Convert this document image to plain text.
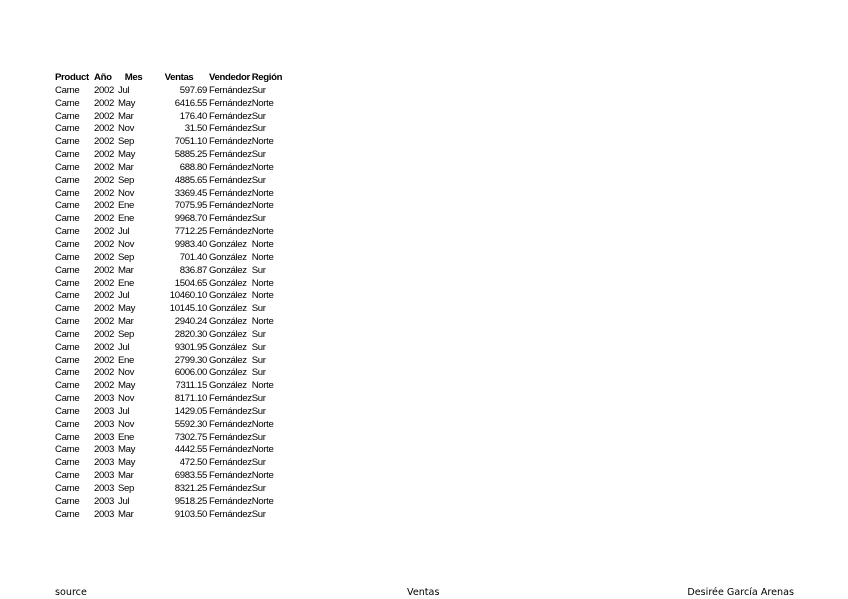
Product	Año	Mes	Ventas	Vendedor	Región
Carne	2002	Jul	597.69	Fernández	Sur
Carne	2002	May	6416.55	Fernández	Norte
Carne	2002	Mar	176.40	Fernández	Sur
Carne	2002	Nov	31.50	Fernández	Sur
Carne	2002	Sep	7051.10	Fernández	Norte
Carne	2002	May	5885.25	Fernández	Sur
Carne	2002	Mar	688.80	Fernández	Norte
Carne	2002	Sep	4885.65	Fernández	Sur
Carne	2002	Nov	3369.45	Fernández	Norte
Carne	2002	Ene	7075.95	Fernández	Norte
Carne	2002	Ene	9968.70	Fernández	Sur
Carne	2002	Jul	7712.25	Fernández	Norte
Carne	2002	Nov	9983.40	González	Norte
Carne	2002	Sep	701.40	González	Norte
Carne	2002	Mar	836.87	González	Sur
Carne	2002	Ene	1504.65	González	Norte
Carne	2002	Jul	10460.10	González	Norte
Carne	2002	May	10145.10	González	Sur
Carne	2002	Mar	2940.24	González	Norte
Carne	2002	Sep	2820.30	González	Sur
Carne	2002	Jul	9301.95	González	Sur
Carne	2002	Ene	2799.30	González	Sur
Carne	2002	Nov	6006.00	González	Sur
Carne	2002	May	7311.15	González	Norte
Carne	2003	Nov	8171.10	Fernández	Sur
Carne	2003	Jul	1429.05	Fernández	Sur
Carne	2003	Nov	5592.30	Fernández	Norte
Carne	2003	Ene	7302.75	Fernández	Sur
Carne	2003	May	4442.55	Fernández	Norte
Carne	2003	May	472.50	Fernández	Sur
Carne	2003	Mar	6983.55	Fernández	Norte
Carne	2003	Sep	8321.25	Fernández	Sur
Carne	2003	Jul	9518.25	Fernández	Norte
Carne	2003	Mar	9103.50	Fernández	Sur
source	Ventas	Desirée García Arenas
